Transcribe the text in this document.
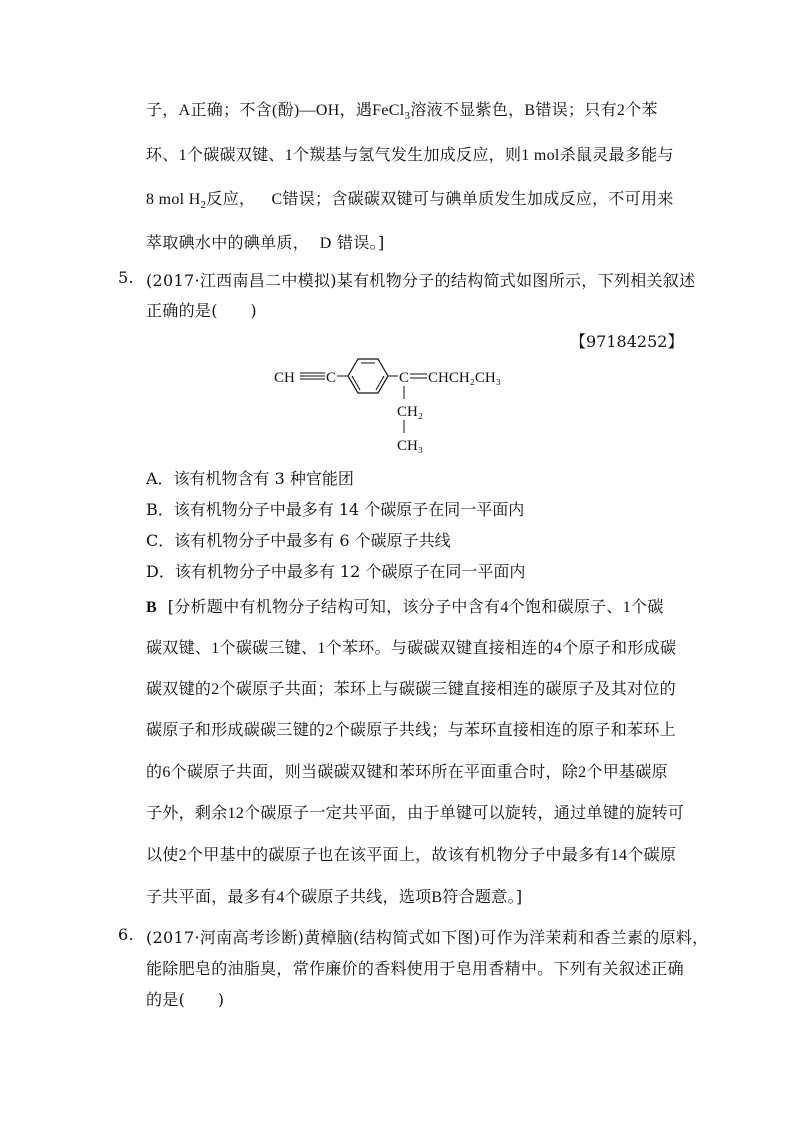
子，A正确；不含(酚)—OH，遇FeCl$_3$溶液不显紫色，B错误；只有2个苯
环、1个碳碳双键、1个羰基与氢气发生加成反应，则1 mol杀鼠灵最多能与
8 mol $H_2$反应， C错误；含碳碳双键可与碘单质发生加成反应，不可用来
萃取碘水中的碘单质， D 错误。]
5. (2017·江西南昌二中模拟)某有机物分子的结构简式如图所示，下列相关叙述
正确的是(　　)
【97184252】
CH C	C CHCH₂CH₃
CH₂
CH₃
A．该有机物含有 3 种官能团
B．该有机物分子中最多有 14 个碳原子在同一平面内
C．该有机物分子中最多有 6 个碳原子共线
D．该有机物分子中最多有 12 个碳原子在同一平面内
B [分析题中有机物分子结构可知，该分子中含有4个饱和碳原子、1个碳
碳双键、1个碳碳三键、1个苯环。与碳碳双键直接相连的4个原子和形成碳
碳双键的2个碳原子共面；苯环上与碳碳三键直接相连的碳原子及其对位的
碳原子和形成碳碳三键的2个碳原子共线；与苯环直接相连的原子和苯环上
的6个碳原子共面，则当碳碳双键和苯环所在平面重合时，除2个甲基碳原
子外，剩余12个碳原子一定共平面，由于单键可以旋转，通过单键的旋转可
以使2个甲基中的碳原子也在该平面上，故该有机物分子中最多有14个碳原
子共平面，最多有4个碳原子共线，选项B符合题意。]
6. (2017·河南高考诊断)黄樟脑(结构简式如下图)可作为洋茉莉和香兰素的原料，
能除肥皂的油脂臭，常作廉价的香料使用于皂用香精中。下列有关叙述正确
的是(　　)
